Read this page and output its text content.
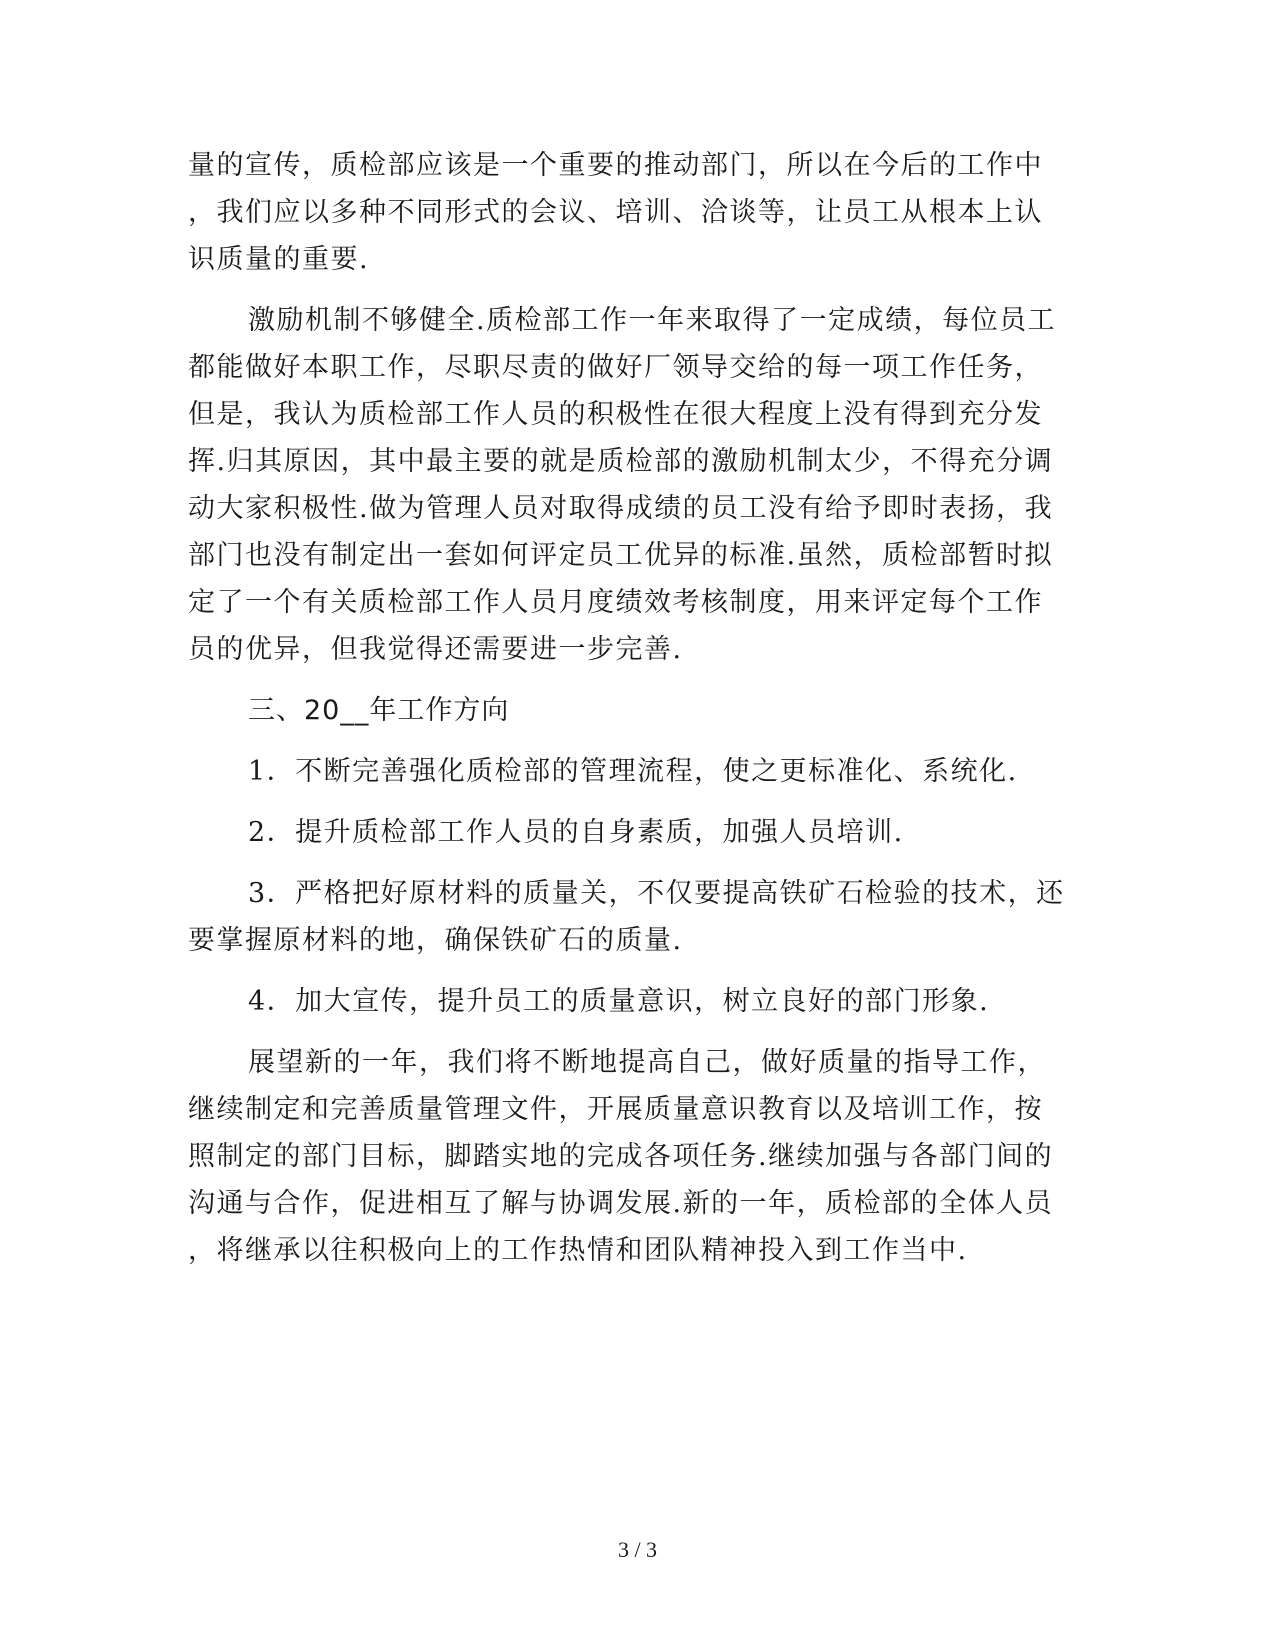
量的宣传，质检部应该是一个重要的推动部门，所以在今后的工作中
，我们应以多种不同形式的会议、培训、洽谈等，让员工从根本上认
识质量的重要.
激励机制不够健全.质检部工作一年来取得了一定成绩，每位员工
都能做好本职工作，尽职尽责的做好厂领导交给的每一项工作任务，
但是，我认为质检部工作人员的积极性在很大程度上没有得到充分发
挥.归其原因，其中最主要的就是质检部的激励机制太少，不得充分调
动大家积极性.做为管理人员对取得成绩的员工没有给予即时表扬，我
部门也没有制定出一套如何评定员工优异的标准.虽然，质检部暂时拟
定了一个有关质检部工作人员月度绩效考核制度，用来评定每个工作
员的优异，但我觉得还需要进一步完善.
三、20__年工作方向
1．不断完善强化质检部的管理流程，使之更标准化、系统化.
2．提升质检部工作人员的自身素质，加强人员培训.
3．严格把好原材料的质量关，不仅要提高铁矿石检验的技术，还
要掌握原材料的地，确保铁矿石的质量.
4．加大宣传，提升员工的质量意识，树立良好的部门形象.
展望新的一年，我们将不断地提高自己，做好质量的指导工作，
继续制定和完善质量管理文件，开展质量意识教育以及培训工作，按
照制定的部门目标，脚踏实地的完成各项任务.继续加强与各部门间的
沟通与合作，促进相互了解与协调发展.新的一年，质检部的全体人员
，将继承以往积极向上的工作热情和团队精神投入到工作当中.
3 / 3
